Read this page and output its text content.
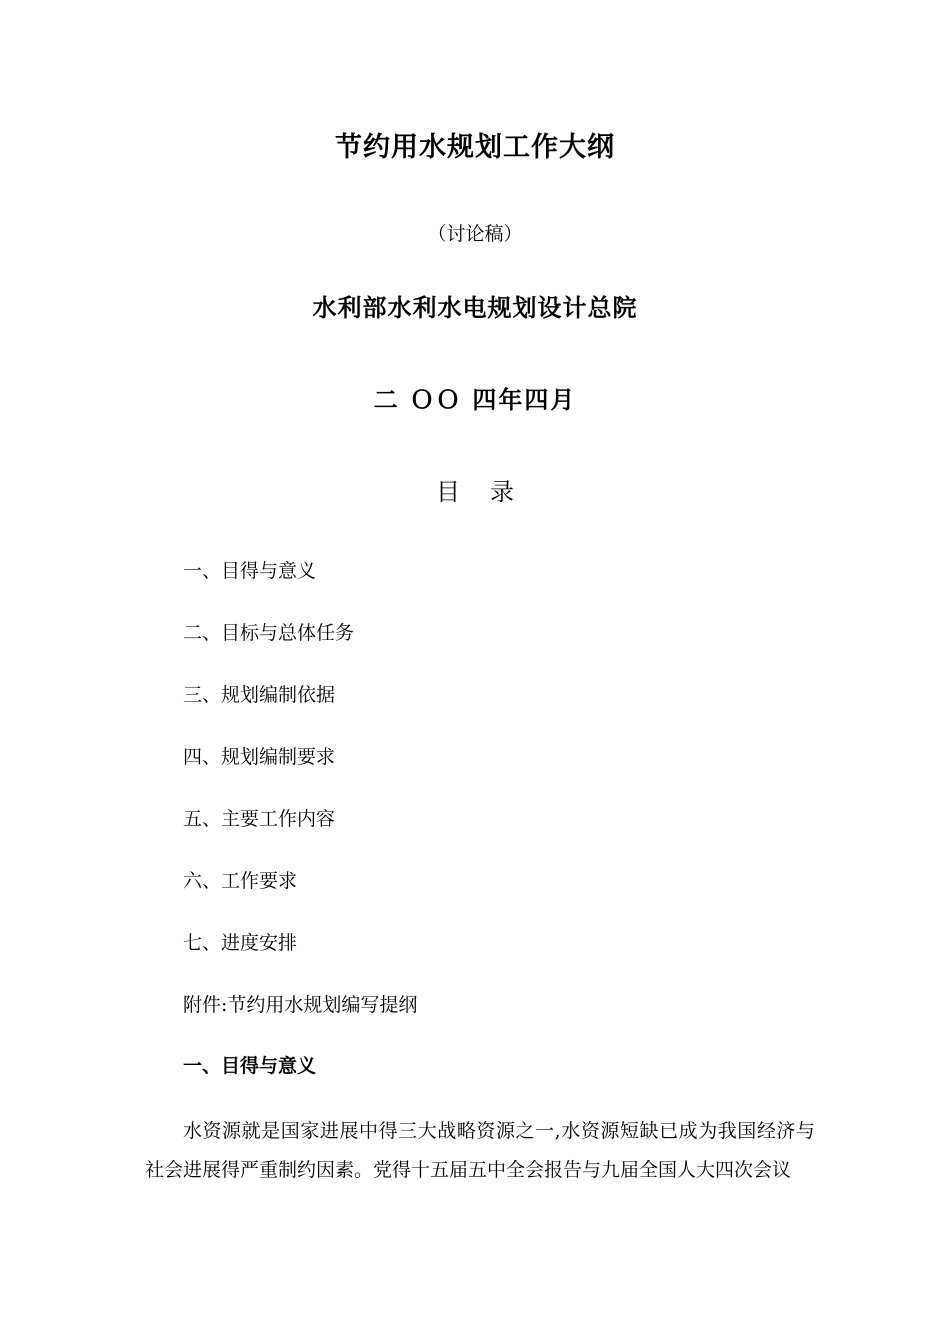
节约用水规划工作大纲
（讨论稿）
水利部水利水电规划设计总院
二 ＯＯ 四年四月
目录
一、目得与意义
二、目标与总体任务
三、规划编制依据
四、规划编制要求
五、主要工作内容
六、工作要求
七、进度安排
附件:节约用水规划编写提纲
一、目得与意义

水资源就是国家进展中得三大战略资源之一,水资源短缺已成为我国经济与社会进展得严重制约因素。党得十五届五中全会报告与九届全国人大四次会议
